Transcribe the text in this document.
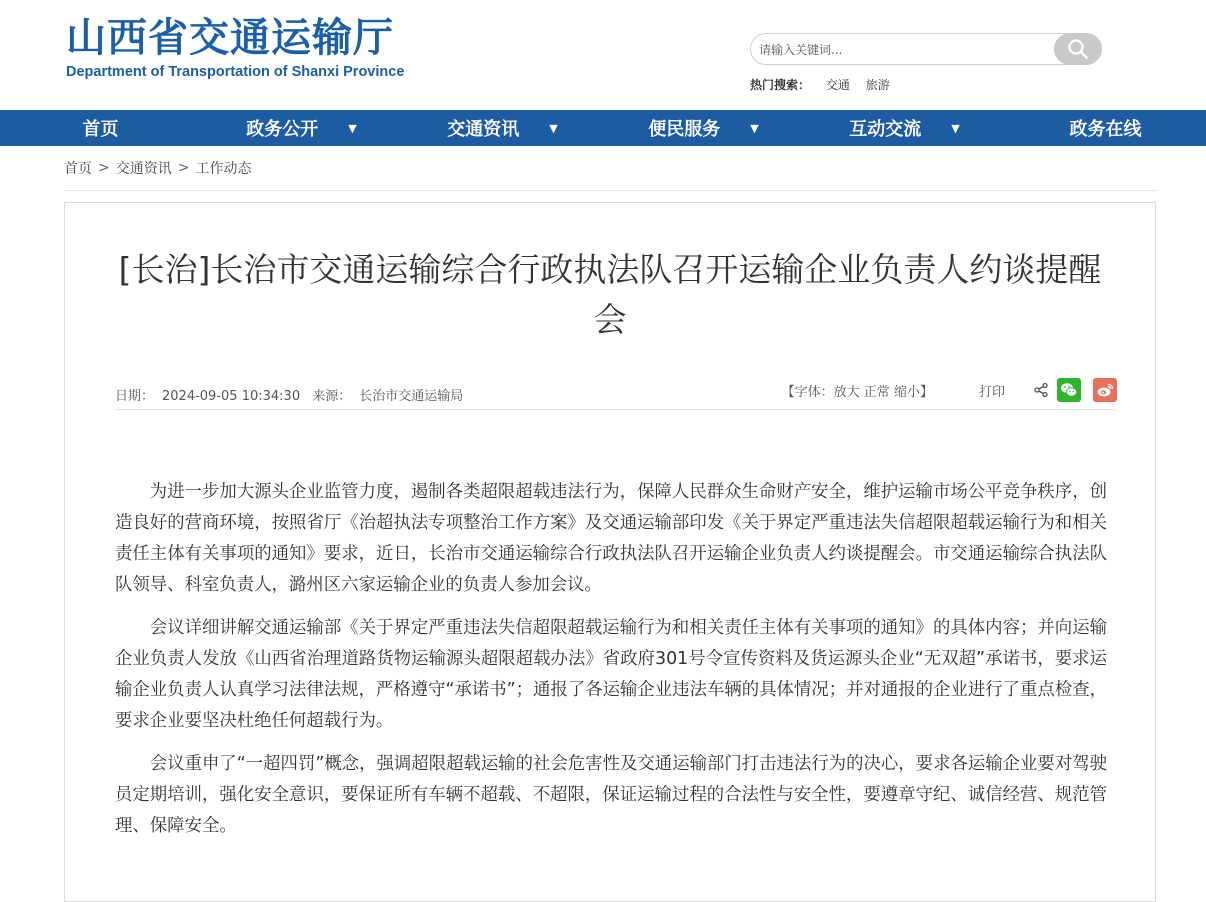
山西省交通运输厅
Department of Transportation of Shanxi Province
请输入关键词...
热门搜索： 交通 旅游
首页	政务公开	▼	交通资讯	▼	便民服务	▼	互动交流	▼	政务在线
首页 > 交通资讯 > 工作动态
[长治]长治市交通运输综合行政执法队召开运输企业负责人约谈提醒会
日期： 2024-09-05 10:34:30 来源： 长治市交通运输局	【字体：放大 正常 缩小】	打印

为进一步加大源头企业监管力度，遏制各类超限超载违法行为，保障人民群众生命财产安全，维护运输市场公平竞争秩序，创造良好的营商环境，按照省厅《治超执法专项整治工作方案》及交通运输部印发《关于界定严重违法失信超限超载运输行为和相关责任主体有关事项的通知》要求，近日，长治市交通运输综合行政执法队召开运输企业负责人约谈提醒会。市交通运输综合执法队队领导、科室负责人，潞州区六家运输企业的负责人参加会议。

会议详细讲解交通运输部《关于界定严重违法失信超限超载运输行为和相关责任主体有关事项的通知》的具体内容；并向运输企业负责人发放《山西省治理道路货物运输源头超限超载办法》省政府301号令宣传资料及货运源头企业“无双超”承诺书，要求运输企业负责人认真学习法律法规，严格遵守“承诺书”；通报了各运输企业违法车辆的具体情况；并对通报的企业进行了重点检查，要求企业要坚决杜绝任何超载行为。

会议重申了“一超四罚”概念，强调超限超载运输的社会危害性及交通运输部门打击违法行为的决心，要求各运输企业要对驾驶员定期培训，强化安全意识，要保证所有车辆不超载、不超限，保证运输过程的合法性与安全性，要遵章守纪、诚信经营、规范管理、保障安全。
